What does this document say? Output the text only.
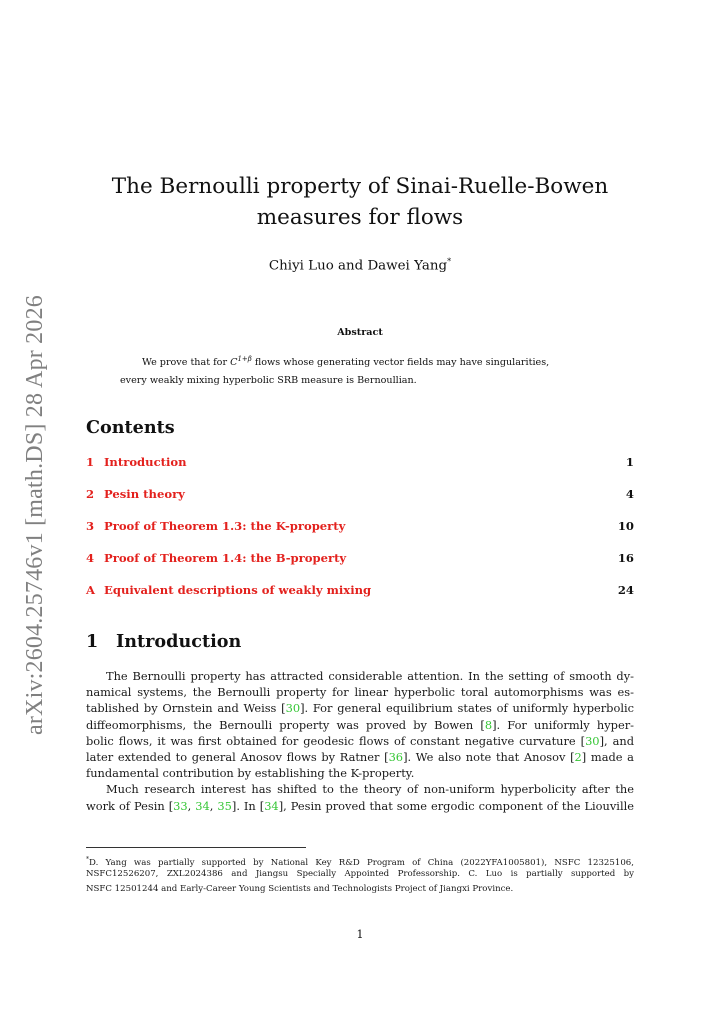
arXiv:2604.25746v1 [math.DS] 28 Apr 2026
The Bernoulli property of Sinai-Ruelle-Bowen
measures for flows
Chiyi Luo and Dawei Yang*
Abstract
We prove that for $C^{1+\beta}$ flows whose generating vector fields may have singularities,
every weakly mixing hyperbolic SRB measure is Bernoullian.
Contents
1 Introduction	1
2 Pesin theory	4
3 Proof of Theorem 1.3: the K-property	10
4 Proof of Theorem 1.4: the B-property	16
A Equivalent descriptions of weakly mixing	24
1 Introduction
The Bernoulli property has attracted considerable attention. In the setting of smooth dy-
namical systems, the Bernoulli property for linear hyperbolic toral automorphisms was es-
tablished by Ornstein and Weiss [30]. For general equilibrium states of uniformly hyperbolic
diffeomorphisms, the Bernoulli property was proved by Bowen [8]. For uniformly hyper-
bolic flows, it was first obtained for geodesic flows of constant negative curvature [30], and
later extended to general Anosov flows by Ratner [36]. We also note that Anosov [2] made a
fundamental contribution by establishing the K-property.
Much research interest has shifted to the theory of non-uniform hyperbolicity after the
work of Pesin [33, 34, 35]. In [34], Pesin proved that some ergodic component of the Liouville
*D. Yang was partially supported by National Key R&D Program of China (2022YFA1005801), NSFC 12325106,
NSFC12526207, ZXL2024386 and Jiangsu Specially Appointed Professorship. C. Luo is partially supported by
NSFC 12501244 and Early-Career Young Scientists and Technologists Project of Jiangxi Province.
1
